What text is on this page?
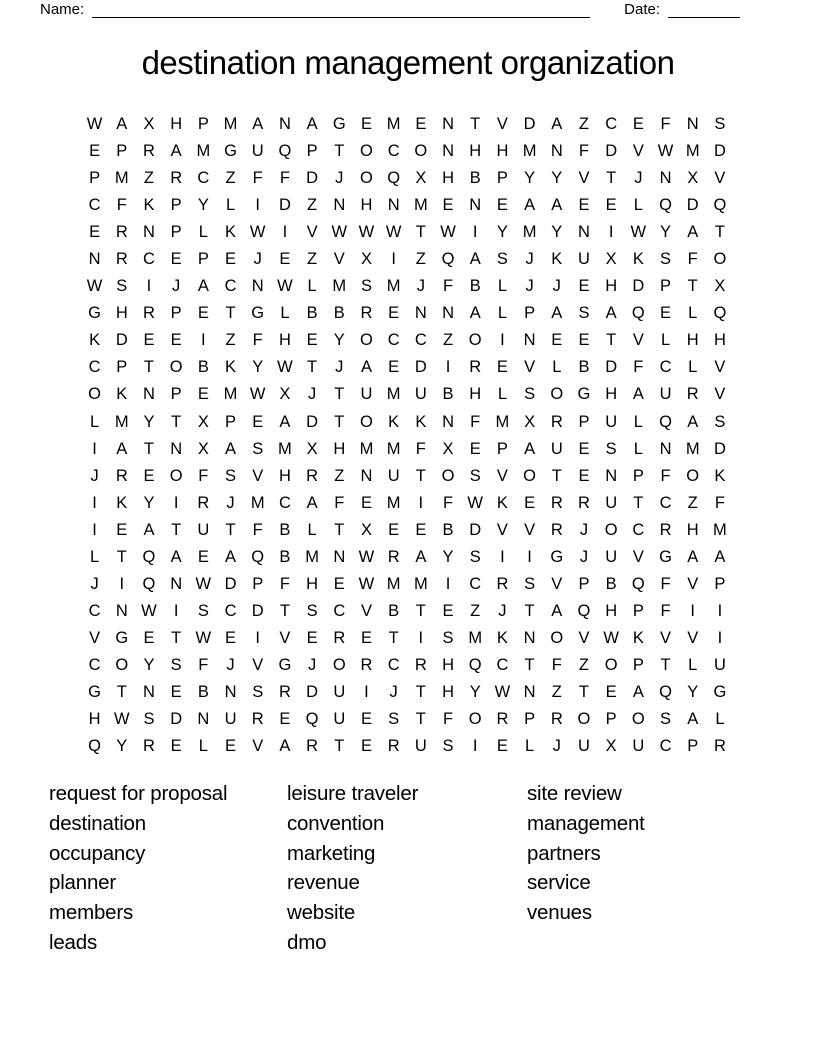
Name:	Date:
destination management organization
W A X H P M A N A G E M E N T	V D A	Z C E	F N S
E P R A M G U Q P	T O C O N H H M N F D V W M D
P M Z R C Z	F	F D	J	O Q X H B P Y Y V	T	J	N X V
C F	K P Y	L	I	D Z N H N M E N E A A E E	L Q D Q
E R N P	L	K W	I	V W W W T W	I	Y M Y N	I	W Y A	T
N R C E P E	J	E	Z	V X	I	Z Q A S	J	K U X K S	F O
W S	I	J	A C N W L M S M J	F	B	L	J	J	E H D P	T	X
G H R P E	T G L	B B R E N N A	L	P A S A Q E	L Q
K D E E	I	Z	F H E Y O C C Z O	I	N E E	T	V	L	H H
C P	T O B K Y W T	J	A E D	I	R E V	L	B D F C	L	V
O K N P E M W X	J	T U M U B H	L	S O G H A U R V
L M Y	T	X P E A D T O K K N F M X R P U	L Q A S
I	A	T N X A S M X H M M F	X E P A U E S	L	N M D
J	R E O F	S V H R Z N U T O S V O T	E N P	F O K
I	K Y	I	R	J M C A	F	E M	I	F W K E R R U T C Z	F
I	E A	T U T	F	B	L	T	X E E B D V V R	J	O C R H M
L	T Q A E A Q B M N W R A Y S	I	I	G	J	U V G A A
J	I	Q N W D P	F H E W M M	I	C R S V P B Q F	V P
C N W	I	S C D T	S C V B	T	E	Z	J	T	A Q H P	F	I	I
V G E	T W E	I	V E R E	T	I	S M K N O V W K V V	I
C O Y S	F	J	V G	J	O R C R H Q C T	F	Z O P	T	L	U
G T N E B N S R D U	I	J	T H Y W N Z	T	E A Q Y G
H W S D N U R E Q U E S	T	F O R P R O P O S A	L
Q Y R E	L	E V A R T	E R U S	I	E	L	J	U X U C P R
request for proposal
destination
occupancy
planner
members
leads
leisure traveler
convention
marketing
revenue
website
dmo
site review
management
partners
service
venues
